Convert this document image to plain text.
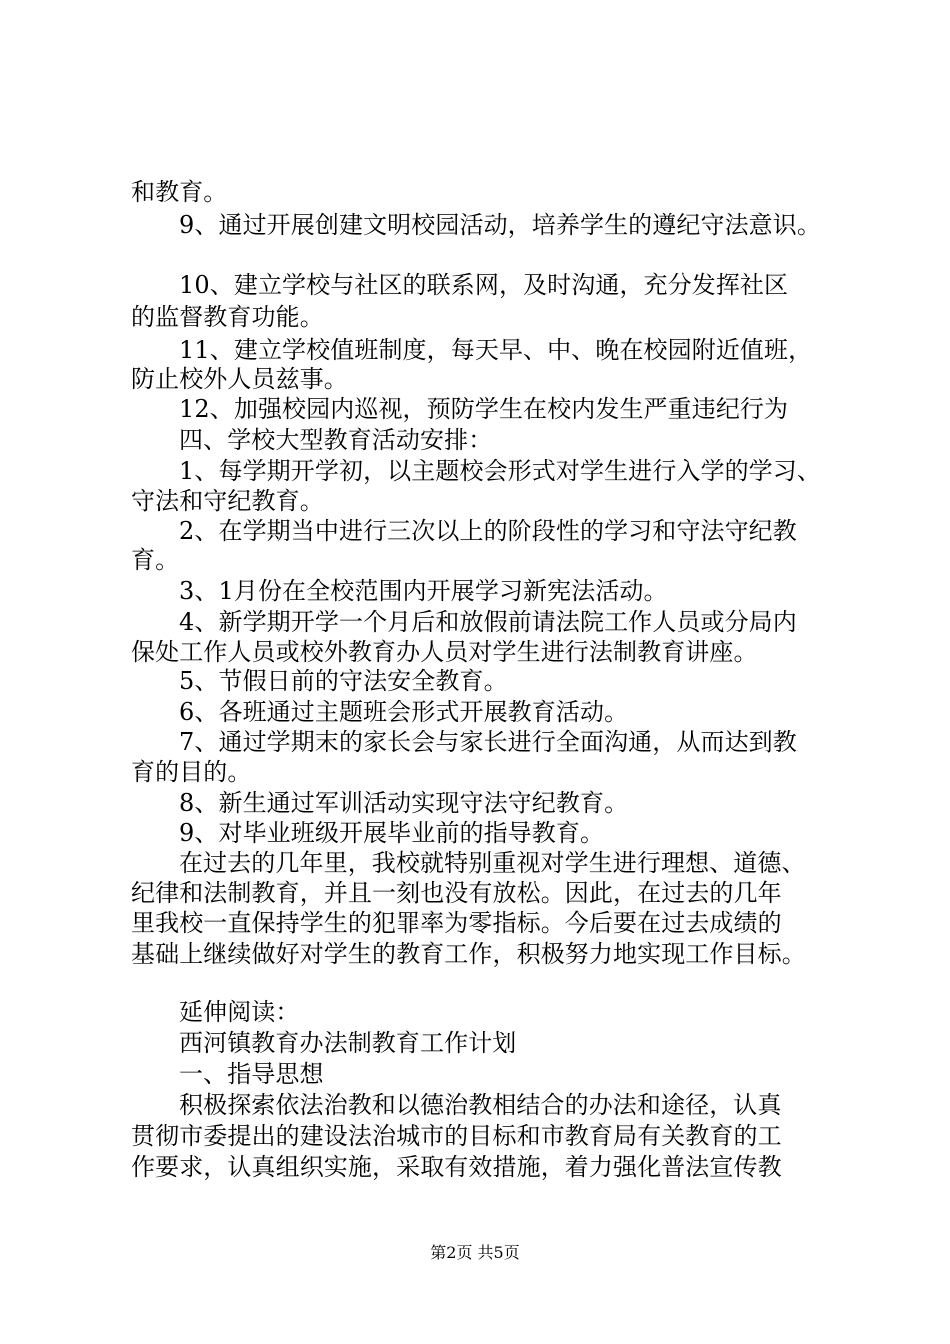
和教育。
9、通过开展创建文明校园活动，培养学生的遵纪守法意识。
10、建立学校与社区的联系网，及时沟通，充分发挥社区
的监督教育功能。
11、建立学校值班制度，每天早、中、晚在校园附近值班，
防止校外人员兹事。
12、加强校园内巡视，预防学生在校内发生严重违纪行为
四、学校大型教育活动安排：
1、每学期开学初，以主题校会形式对学生进行入学的学习、
守法和守纪教育。
2、在学期当中进行三次以上的阶段性的学习和守法守纪教
育。
3、1月份在全校范围内开展学习新宪法活动。
4、新学期开学一个月后和放假前请法院工作人员或分局内
保处工作人员或校外教育办人员对学生进行法制教育讲座。
5、节假日前的守法安全教育。
6、各班通过主题班会形式开展教育活动。
7、通过学期末的家长会与家长进行全面沟通，从而达到教
育的目的。
8、新生通过军训活动实现守法守纪教育。
9、对毕业班级开展毕业前的指导教育。
在过去的几年里，我校就特别重视对学生进行理想、道德、
纪律和法制教育，并且一刻也没有放松。因此，在过去的几年
里我校一直保持学生的犯罪率为零指标。今后要在过去成绩的
基础上继续做好对学生的教育工作，积极努力地实现工作目标。
延伸阅读：
西河镇教育办法制教育工作计划
一、指导思想
积极探索依法治教和以德治教相结合的办法和途径，认真
贯彻市委提出的建设法治城市的目标和市教育局有关教育的工
作要求，认真组织实施，采取有效措施，着力强化普法宣传教
第2页 共5页
